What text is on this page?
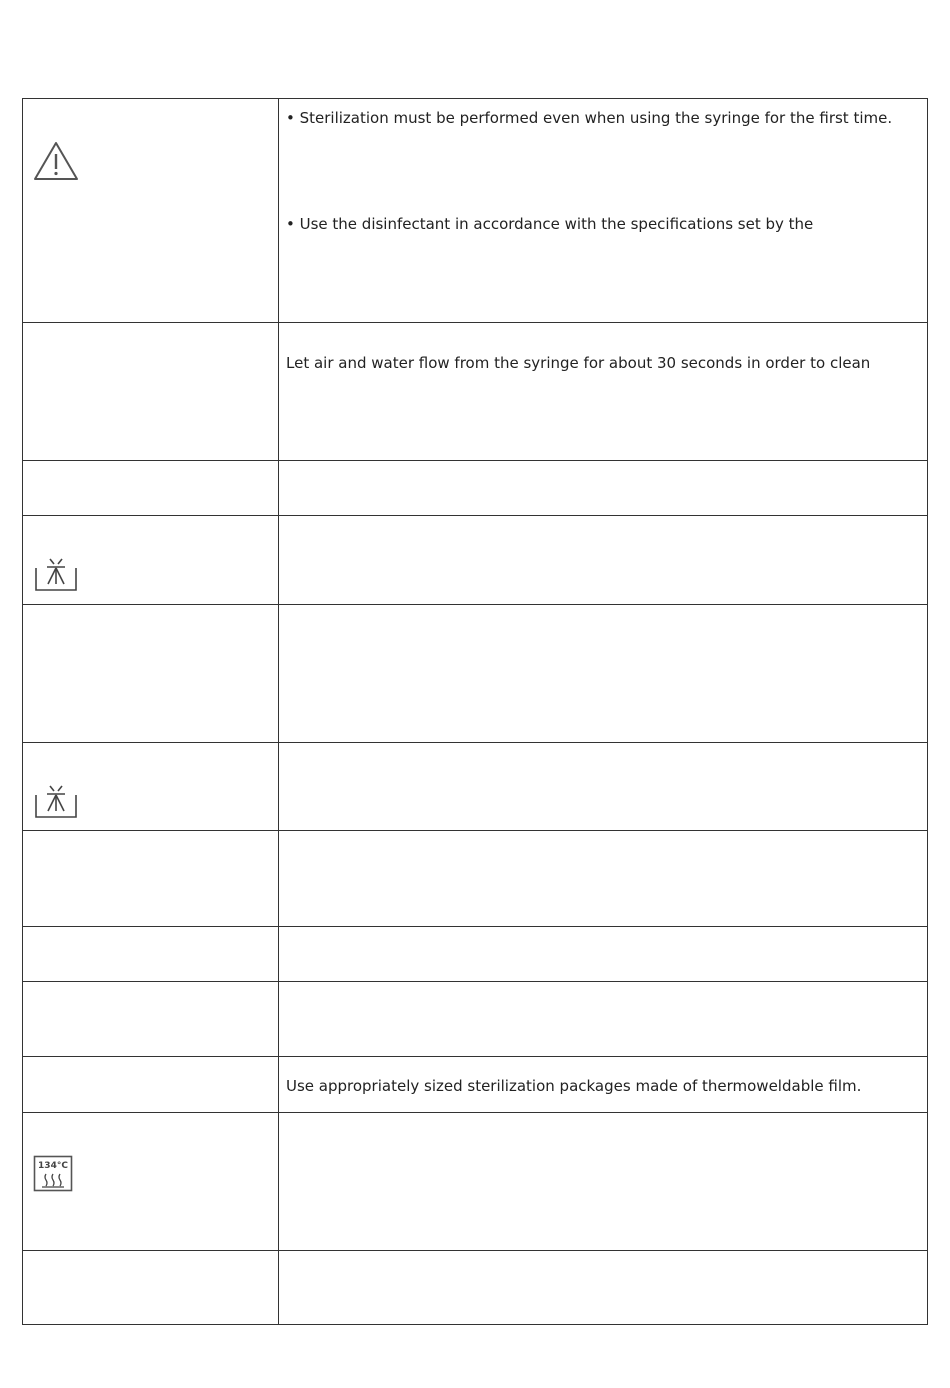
• Sterilization must be performed even when using the syringe for the first time.
• Use the disinfectant in accordance with the specifications set by the

	Let air and water flow from the syringe for about 30 seconds in order to clean

	Use appropriately sized sterilization packages made of thermoweldable film.

134°C	
